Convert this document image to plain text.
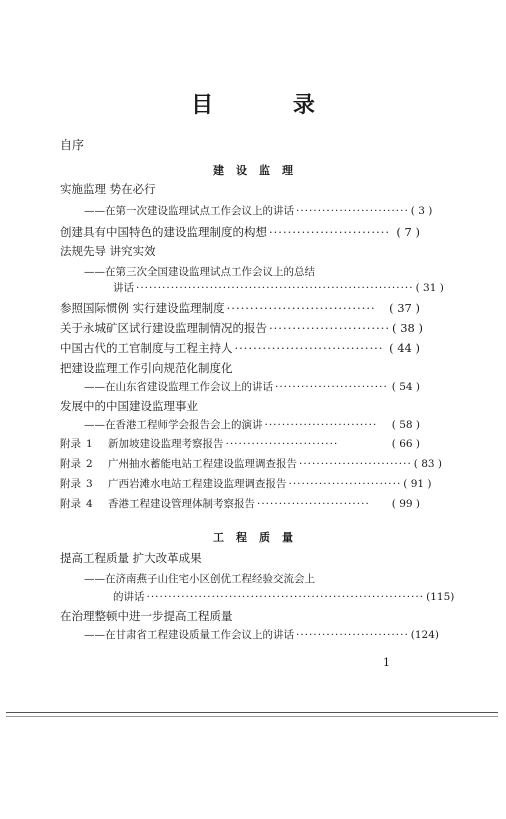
目 录
自序
建设监理
实施监理 势在必行
——在第一次建设监理试点工作会议上的讲话 ·························· ( 3 )
创建具有中国特色的建设监理制度的构想 ·························· ( 7 )
法规先导 讲究实效
——在第三次全国建设监理试点工作会议上的总结
讲话 ································································ ( 31 )
参照国际惯例 实行建设监理制度 ································	( 37 )
关于永城矿区试行建设监理制情况的报告 ·························· ( 38 )
中国古代的工官制度与工程主持人 ································ ( 44 )
把建设监理工作引向规范化制度化
——在山东省建设监理工作会议上的讲话 ·························· ( 54 )
发展中的中国建设监理事业
——在香港工程师学会报告会上的演讲 ··························	( 58 )
附录 1 新加坡建设监理考察报告 ··························	( 66 )
附录 2 广州抽水蓄能电站工程建设监理调查报告 ·························· ( 83 )
附录 3 广西岩滩水电站工程建设监理调查报告 ·························· ( 91 )
附录 4 香港工程建设管理体制考察报告 ··························	( 99 )
工程质量
提高工程质量 扩大改革成果
——在济南燕子山住宅小区创优工程经验交流会上
的讲话 ································································ (115)
在治理整顿中进一步提高工程质量
——在甘肃省工程建设质量工作会议上的讲话 ·························· (124)
1
